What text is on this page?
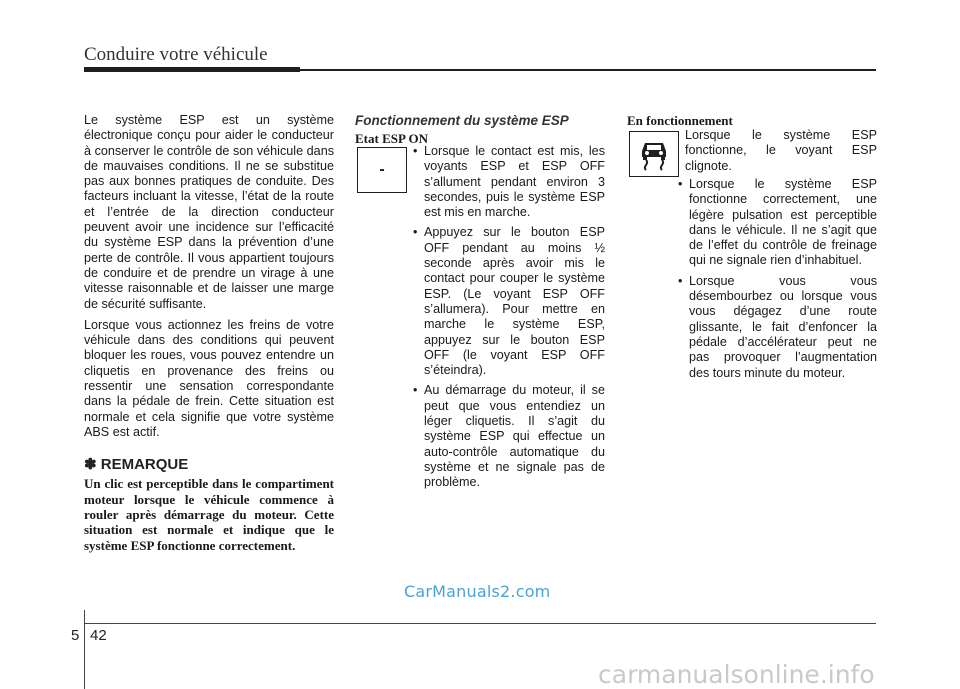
Conduire votre véhicule

Le système ESP est un système électronique conçu pour aider le conducteur à conserver le contrôle de son véhicule dans de mauvaises conditions. Il ne se substitue pas aux bonnes pratiques de conduite. Des facteurs incluant la vitesse, l’état de la route et l’entrée de la direction conducteur peuvent avoir une incidence sur l’efficacité du système ESP dans la prévention d’une perte de contrôle. Il vous appartient toujours de conduire et de prendre un virage à une vitesse raisonnable et de laisser une marge de sécurité suffisante.

Lorsque vous actionnez les freins de votre véhicule dans des conditions qui peuvent bloquer les roues, vous pouvez entendre un cliquetis en provenance des freins ou ressentir une sensation correspondante dans la pédale de frein. Cette situation est normale et cela signifie que votre système ABS est actif.

✽ REMARQUE
Un clic est perceptible dans le compartiment moteur lorsque le véhicule commence à rouler après démarrage du moteur. Cette situation est normale et indique que le système ESP fonctionne correctement.
Fonctionnement du système ESP
Etat ESP ON
-
• Lorsque le contact est mis, les voyants ESP et ESP OFF s’allument pendant environ 3 secondes, puis le système ESP est mis en marche.
• Appuyez sur le bouton ESP OFF pendant au moins ½ seconde après avoir mis le contact pour couper le système ESP. (Le voyant ESP OFF s’allumera). Pour mettre en marche le système ESP, appuyez sur le bouton ESP OFF (le voyant ESP OFF s’éteindra).
• Au démarrage du moteur, il se peut que vous entendiez un léger cliquetis. Il s’agit du système ESP qui effectue un auto-contrôle automatique du système et ne signale pas de problème.
En fonctionnement
Lorsque le système ESP fonctionne, le voyant ESP clignote.
• Lorsque le système ESP fonctionne correctement, une légère pulsation est perceptible dans le véhicule. Il ne s’agit que de l’effet du contrôle de freinage qui ne signale rien d’inhabituel.
• Lorsque vous vous désembourbez ou lorsque vous vous dégagez d’une route glissante, le fait d’enfoncer la pédale d’accélérateur peut ne pas provoquer l’augmentation des tours minute du moteur.
CarManuals2.com
5 42
carmanualsonline.info
